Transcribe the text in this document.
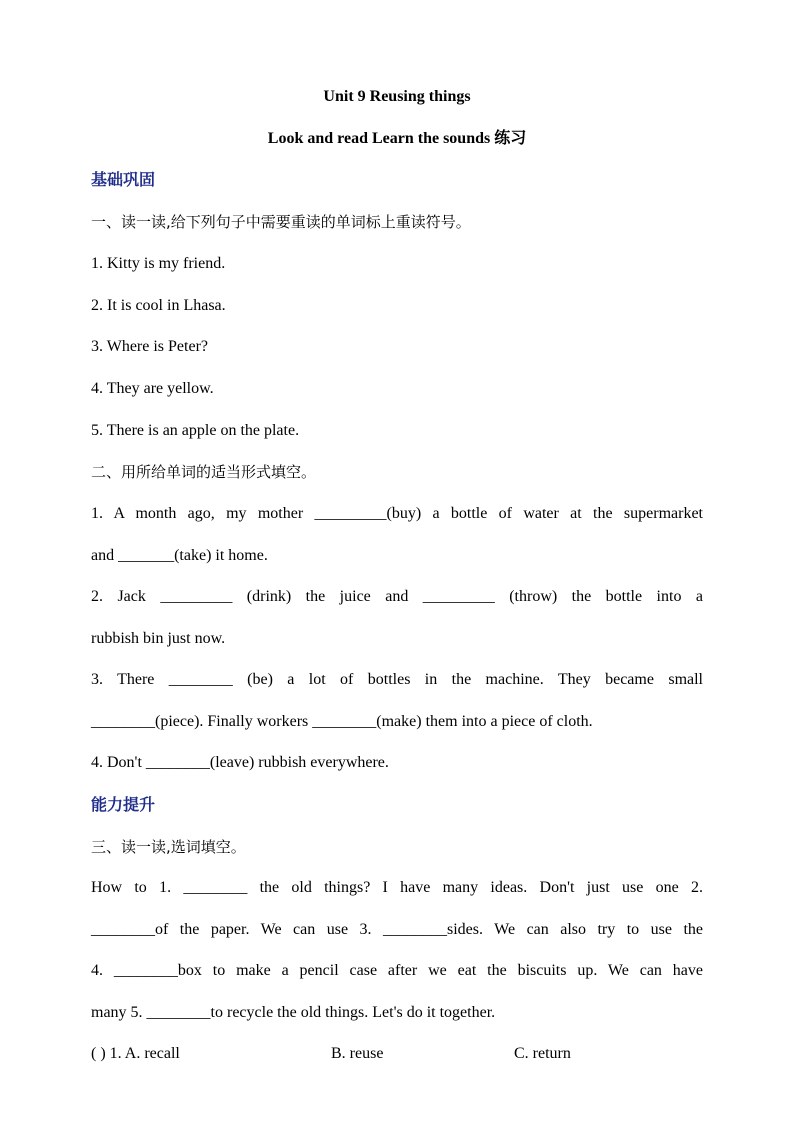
Unit 9 Reusing things
Look and read Learn the sounds 练习
基础巩固
一、读一读,给下列句子中需要重读的单词标上重读符号。
1. Kitty is my friend.
2. It is cool in Lhasa.
3. Where is Peter?
4. They are yellow.
5. There is an apple on the plate.
二、用所给单词的适当形式填空。
1. A month ago, my mother _________(buy) a bottle of water at the supermarket
and _______(take) it home.
2. Jack _________ (drink) the juice and _________ (throw) the bottle into a
rubbish bin just now.
3. There ________ (be) a lot of bottles in the machine. They became small
________(piece). Finally workers ________(make) them into a piece of cloth.
4. Don't ________(leave) rubbish everywhere.
能力提升
三、读一读,选词填空。
How to 1. ________ the old things? I have many ideas. Don't just use one 2.
________of the paper. We can use 3. ________sides. We can also try to use the
4. ________box to make a pencil case after we eat the biscuits up. We can have
many 5. ________to recycle the old things. Let's do it together.
( ) 1. A. recall	B. reuse	C. return
